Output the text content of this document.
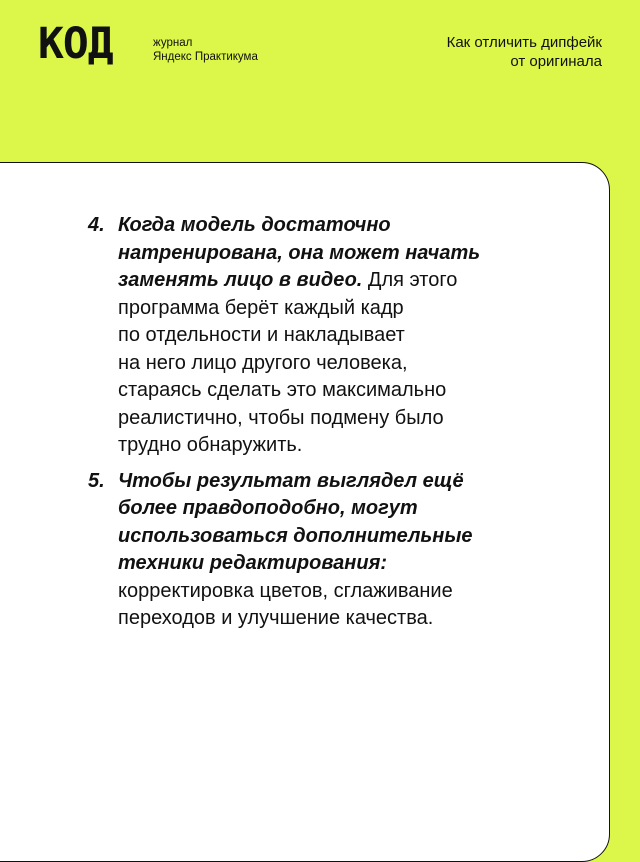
КОД	журнал
Яндекс Практикума
Как отличить дипфейк
от оригинала
4. Когда модель достаточно
натренирована, она может начать
заменять лицо в видео. Для этого
программа берёт каждый кадр
по отдельности и накладывает
на него лицо другого человека,
стараясь сделать это максимально
реалистично, чтобы подмену было
трудно обнаружить.
5. Чтобы результат выглядел ещё
более правдоподобно, могут
использоваться дополнительные
техники редактирования:
корректировка цветов, сглаживание
переходов и улучшение качества.
